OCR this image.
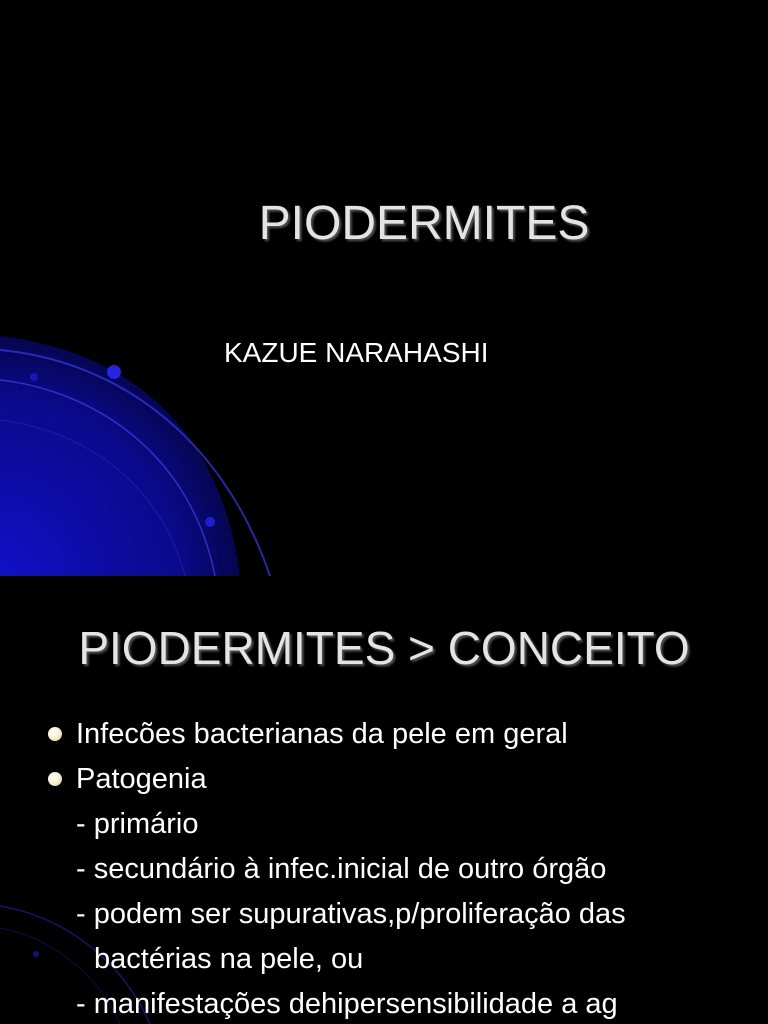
PIODERMITES
KAZUE NARAHASHI
PIODERMITES > CONCEITO
Infecões bacterianas da pele em geral
Patogenia
- primário
- secundário à infec.inicial de outro órgão
- podem ser supurativas,p/proliferação das
bactérias na pele, ou
- manifestações dehipersensibilidade a ag
